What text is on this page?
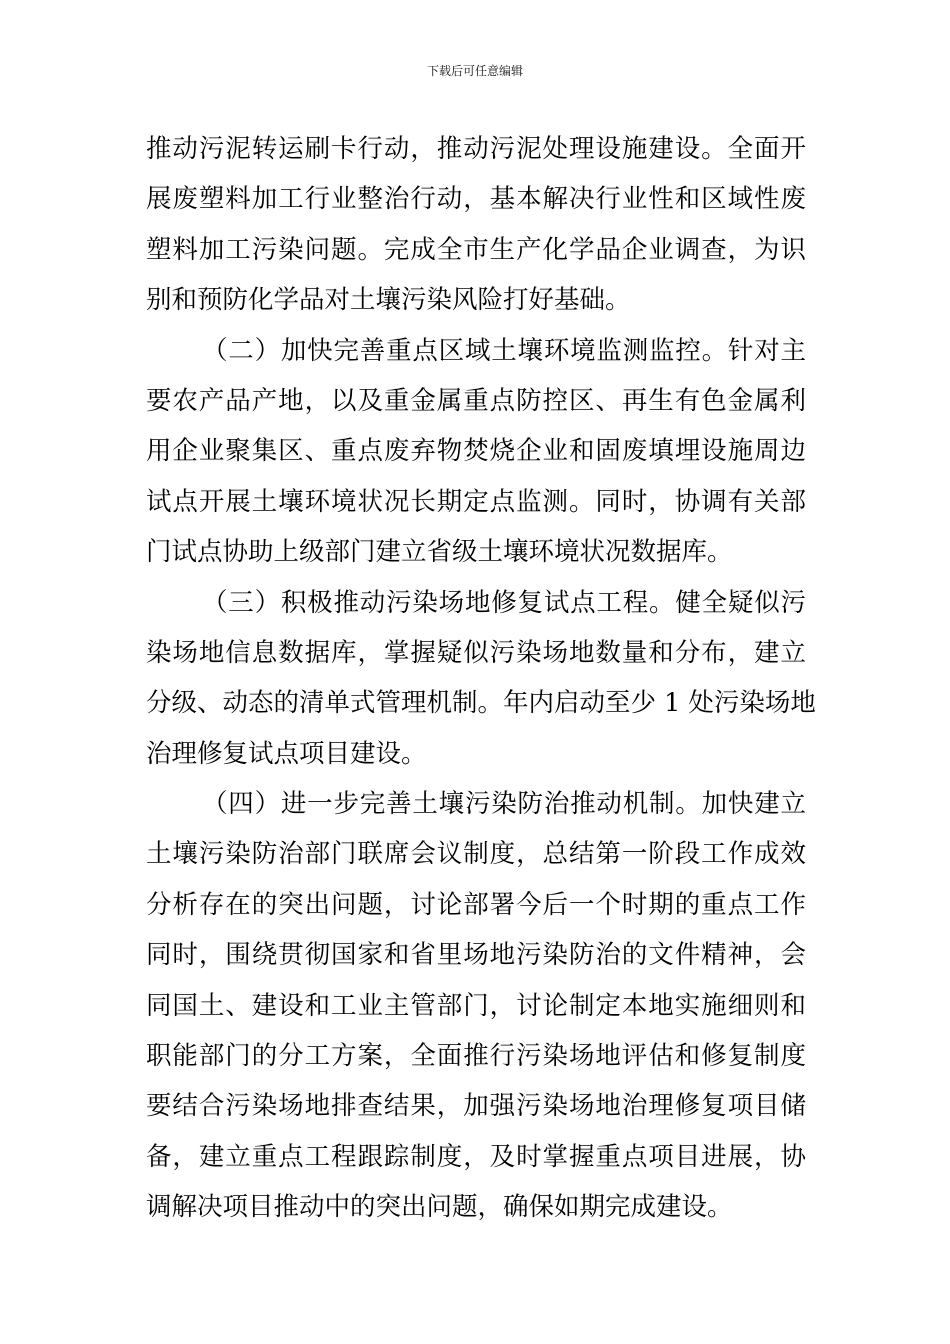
下载后可任意编辑
推动污泥转运刷卡行动，推动污泥处理设施建设。全面开
展废塑料加工行业整治行动，基本解决行业性和区域性废
塑料加工污染问题。完成全市生产化学品企业调查，为识
别和预防化学品对土壤污染风险打好基础。
（二）加快完善重点区域土壤环境监测监控。针对主
要农产品产地，以及重金属重点防控区、再生有色金属利
用企业聚集区、重点废弃物焚烧企业和固废填埋设施周边
试点开展土壤环境状况长期定点监测。同时，协调有关部
门试点协助上级部门建立省级土壤环境状况数据库。
（三）积极推动污染场地修复试点工程。健全疑似污
染场地信息数据库，掌握疑似污染场地数量和分布，建立
分级、动态的清单式管理机制。年内启动至少 1 处污染场地
治理修复试点项目建设。
（四）进一步完善土壤污染防治推动机制。加快建立
土壤污染防治部门联席会议制度，总结第一阶段工作成效
分析存在的突出问题，讨论部署今后一个时期的重点工作
同时，围绕贯彻国家和省里场地污染防治的文件精神，会
同国土、建设和工业主管部门，讨论制定本地实施细则和
职能部门的分工方案，全面推行污染场地评估和修复制度
要结合污染场地排查结果，加强污染场地治理修复项目储
备，建立重点工程跟踪制度，及时掌握重点项目进展，协
调解决项目推动中的突出问题，确保如期完成建设。
